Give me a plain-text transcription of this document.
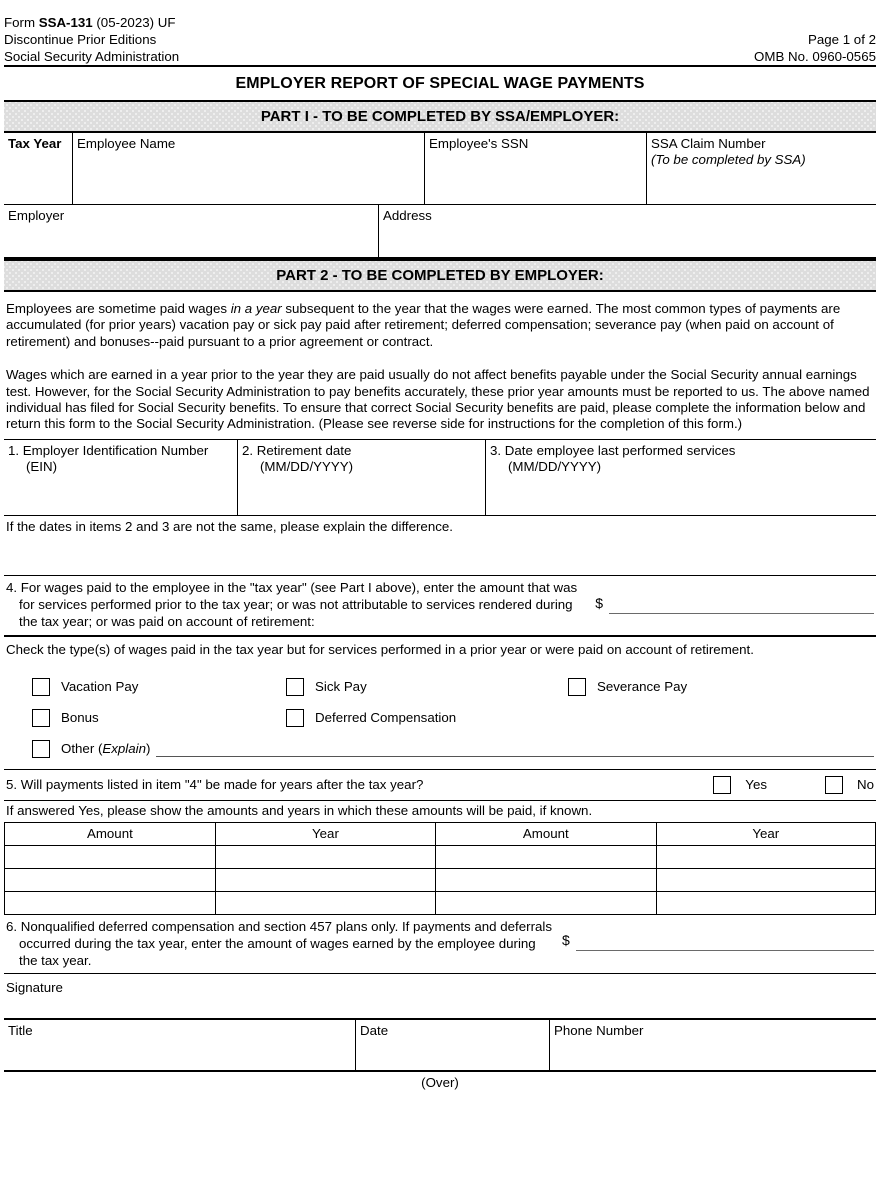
Form SSA-131 (05-2023) UF
Discontinue Prior Editions	Page 1 of 2
Social Security Administration	OMB No. 0960-0565
EMPLOYER REPORT OF SPECIAL WAGE PAYMENTS
PART I - TO BE COMPLETED BY SSA/EMPLOYER:
Tax Year	Employee Name	Employee's SSN	SSA Claim Number
(To be completed by SSA)
Employer	Address
PART 2 - TO BE COMPLETED BY EMPLOYER:
Employees are sometime paid wages in a year subsequent to the year that the wages were earned. The most common types of payments are accumulated (for prior years) vacation pay or sick pay paid after retirement; deferred compensation; severance pay (when paid on account of retirement) and bonuses--paid pursuant to a prior agreement or contract.
Wages which are earned in a year prior to the year they are paid usually do not affect benefits payable under the Social Security annual earnings test. However, for the Social Security Administration to pay benefits accurately, these prior year amounts must be reported to us. The above named individual has filed for Social Security benefits. To ensure that correct Social Security benefits are paid, please complete the information below and return this form to the Social Security Administration. (Please see reverse side for instructions for the completion of this form.)
1. Employer Identification Number
(EIN)
2. Retirement date
(MM/DD/YYYY)
3. Date employee last performed services
(MM/DD/YYYY)
If the dates in items 2 and 3 are not the same, please explain the difference.
4. For wages paid to the employee in the "tax year" (see Part I above), enter the amount that was
for services performed prior to the tax year; or was not attributable to services rendered during
the tax year; or was paid on account of retirement:
$
Check the type(s) of wages paid in the tax year but for services performed in a prior year or were paid on account of retirement.
Vacation Pay	Sick Pay	Severance Pay
Bonus	Deferred Compensation
Other (Explain)
5. Will payments listed in item "4" be made for years after the tax year?	Yes	No
If answered Yes, please show the amounts and years in which these amounts will be paid, if known.
Amount	Year	Amount	Year

6. Nonqualified deferred compensation and section 457 plans only. If payments and deferrals
occurred during the tax year, enter the amount of wages earned by the employee during
the tax year.
$
Signature
Title	Date	Phone Number
(Over)
